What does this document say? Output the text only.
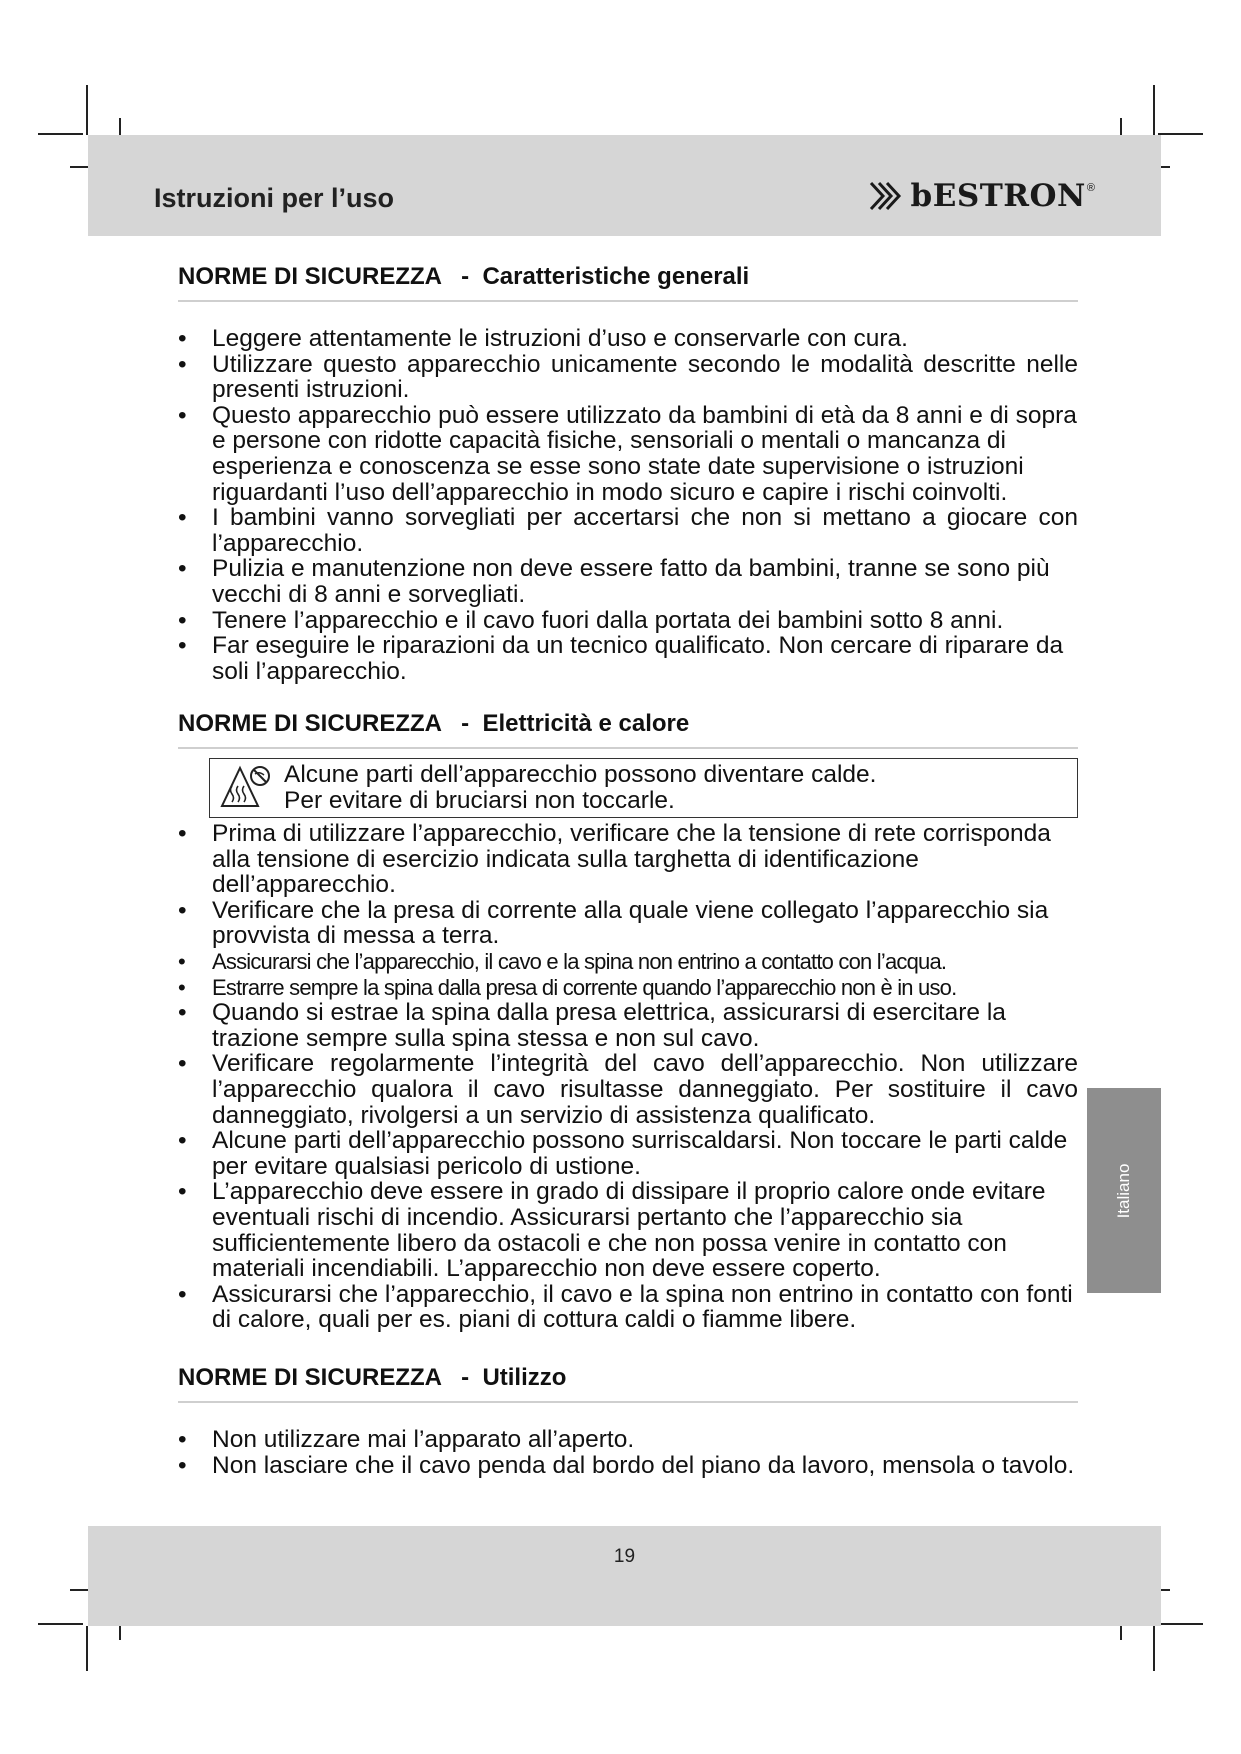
Istruzioni per l’uso	bESTRON ®
NORME DI SICUREZZA   -  Caratteristiche generali
• Leggere attentamente le istruzioni d’uso e conservarle con cura.
• Utilizzare questo apparecchio unicamente secondo le modalità descritte nelle presenti istruzioni.
• Questo apparecchio può essere utilizzato da bambini di età da 8 anni e di sopra e persone con ridotte capacità fisiche, sensoriali o mentali o mancanza di esperienza e conoscenza se esse sono state date supervisione o istruzioni riguardanti l’uso dell’apparecchio in modo sicuro e capire i rischi coinvolti.
• I bambini vanno sorvegliati per accertarsi che non si mettano a giocare con l’apparecchio.
• Pulizia e manutenzione non deve essere fatto da bambini, tranne se sono più vecchi di 8 anni e sorvegliati.
• Tenere l’apparecchio e il cavo fuori dalla portata dei bambini sotto 8 anni.
• Far eseguire le riparazioni da un tecnico qualificato. Non cercare di riparare da soli l’apparecchio.
NORME DI SICUREZZA   -  Elettricità e calore
Alcune parti dell’apparecchio possono diventare calde.
Per evitare di bruciarsi non toccarle.
• Prima di utilizzare l’apparecchio, verificare che la tensione di rete corrisponda alla tensione di esercizio indicata sulla targhetta di identificazione dell’apparecchio.
• Verificare che la presa di corrente alla quale viene collegato l’apparecchio sia provvista di messa a terra.
• Assicurarsi che l’apparecchio, il cavo e la spina non entrino a contatto con l’acqua.
• Estrarre sempre la spina dalla presa di corrente quando l’apparecchio non è in uso.
• Quando si estrae la spina dalla presa elettrica, assicurarsi di esercitare la trazione sempre sulla spina stessa e non sul cavo.
• Verificare regolarmente l’integrità del cavo dell’apparecchio. Non utilizzare l’apparecchio qualora il cavo risultasse danneggiato. Per sostituire il cavo danneggiato, rivolgersi a un servizio di assistenza qualificato.
• Alcune parti dell’apparecchio possono surriscaldarsi. Non toccare le parti calde per evitare qualsiasi pericolo di ustione.
• L’apparecchio deve essere in grado di dissipare il proprio calore onde evitare eventuali rischi di incendio. Assicurarsi pertanto che l’apparecchio sia sufficientemente libero da ostacoli e che non possa venire in contatto con materiali incendiabili. L’apparecchio non deve essere coperto.
• Assicurarsi che l’apparecchio, il cavo e la spina non entrino in contatto con fonti di calore, quali per es. piani di cottura caldi o fiamme libere.
Italiano
NORME DI SICUREZZA   -  Utilizzo
• Non utilizzare mai l’apparato all’aperto.
• Non lasciare che il cavo penda dal bordo del piano da lavoro, mensola o tavolo.
19
